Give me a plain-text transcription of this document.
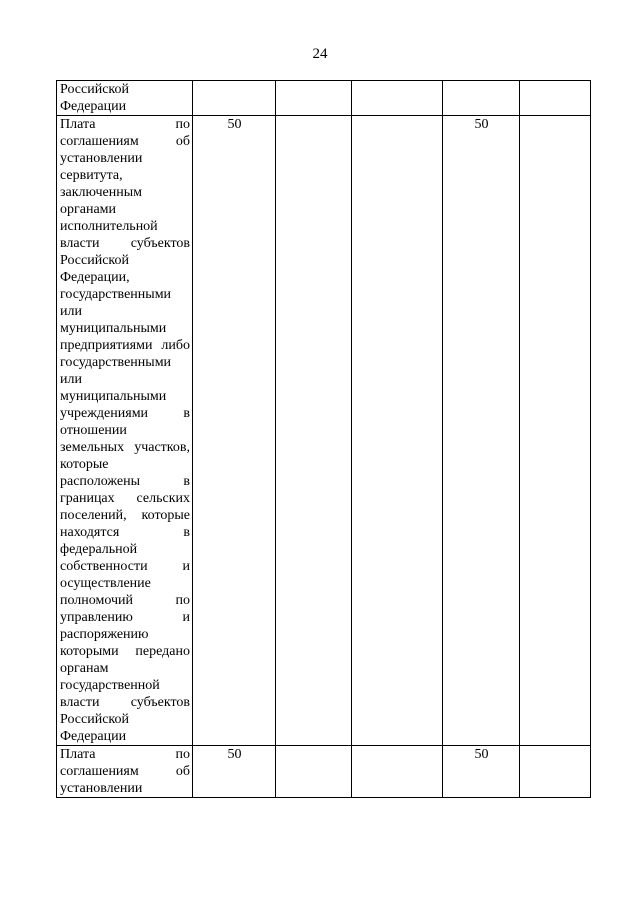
24
Российской Федерации					
Плата по соглашениям об установлении сервитута, заключенным органами исполнительной власти субъектов Российской Федерации, государственными или муниципальными предприятиями либо государственными или муниципальными учреждениями в отношении земельных участков, которые расположены в границах сельских поселений, которые находятся в федеральной собственности и осуществление полномочий по управлению и распоряжению которыми передано органам государственной власти субъектов Российской Федерации	50			50	
Плата по соглашениям об установлении	50			50	
